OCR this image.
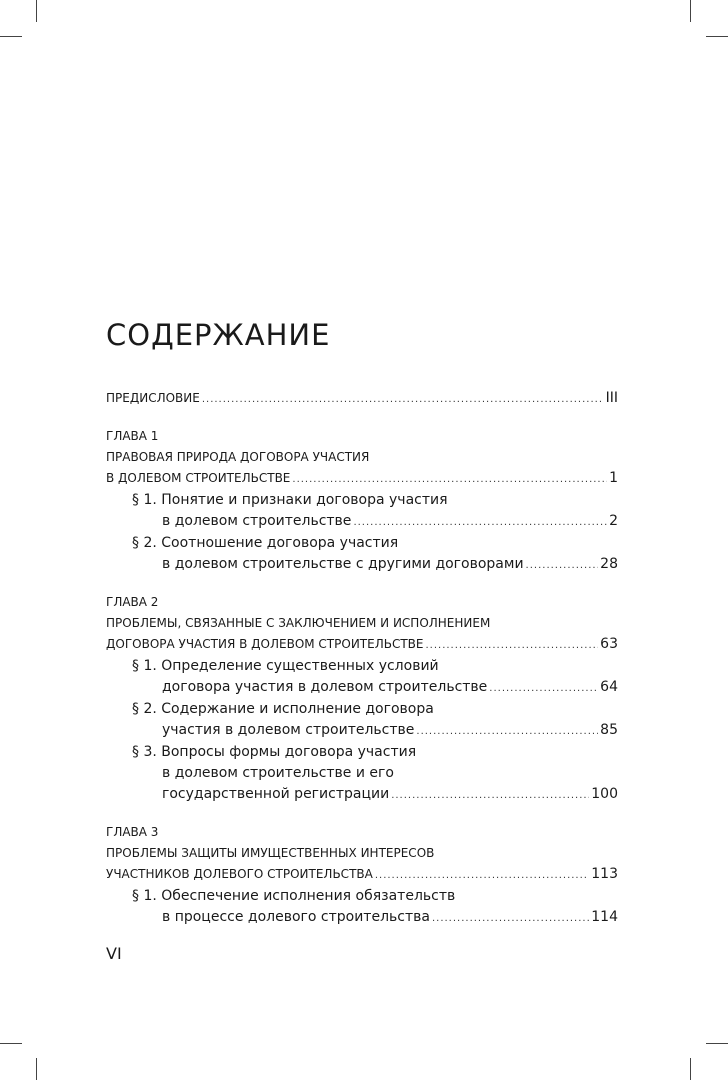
СОДЕРЖАНИЕ
ПРЕДИСЛОВИЕ .....	III
ГЛАВА 1
ПРАВОВАЯ ПРИРОДА ДОГОВОРА УЧАСТИЯ
В ДОЛЕВОМ СТРОИТЕЛЬСТВЕ .....	1
§ 1. Понятие и признаки договора участия
в долевом строительстве .....	2
§ 2. Соотношение договора участия
в долевом строительстве с другими договорами .....	28
ГЛАВА 2
ПРОБЛЕМЫ, СВЯЗАННЫЕ С ЗАКЛЮЧЕНИЕМ И ИСПОЛНЕНИЕМ
ДОГОВОРА УЧАСТИЯ В ДОЛЕВОМ СТРОИТЕЛЬСТВЕ .....	63
§ 1. Определение существенных условий
договора участия в долевом строительстве .....	64
§ 2. Содержание и исполнение договора
участия в долевом строительстве .....	85
§ 3. Вопросы формы договора участия
в долевом строительстве и его
государственной регистрации .....	100
ГЛАВА 3
ПРОБЛЕМЫ ЗАЩИТЫ ИМУЩЕСТВЕННЫХ ИНТЕРЕСОВ
УЧАСТНИКОВ ДОЛЕВОГО СТРОИТЕЛЬСТВА .....	113
§ 1. Обеспечение исполнения обязательств
в процессе долевого строительства .....	114
VI
